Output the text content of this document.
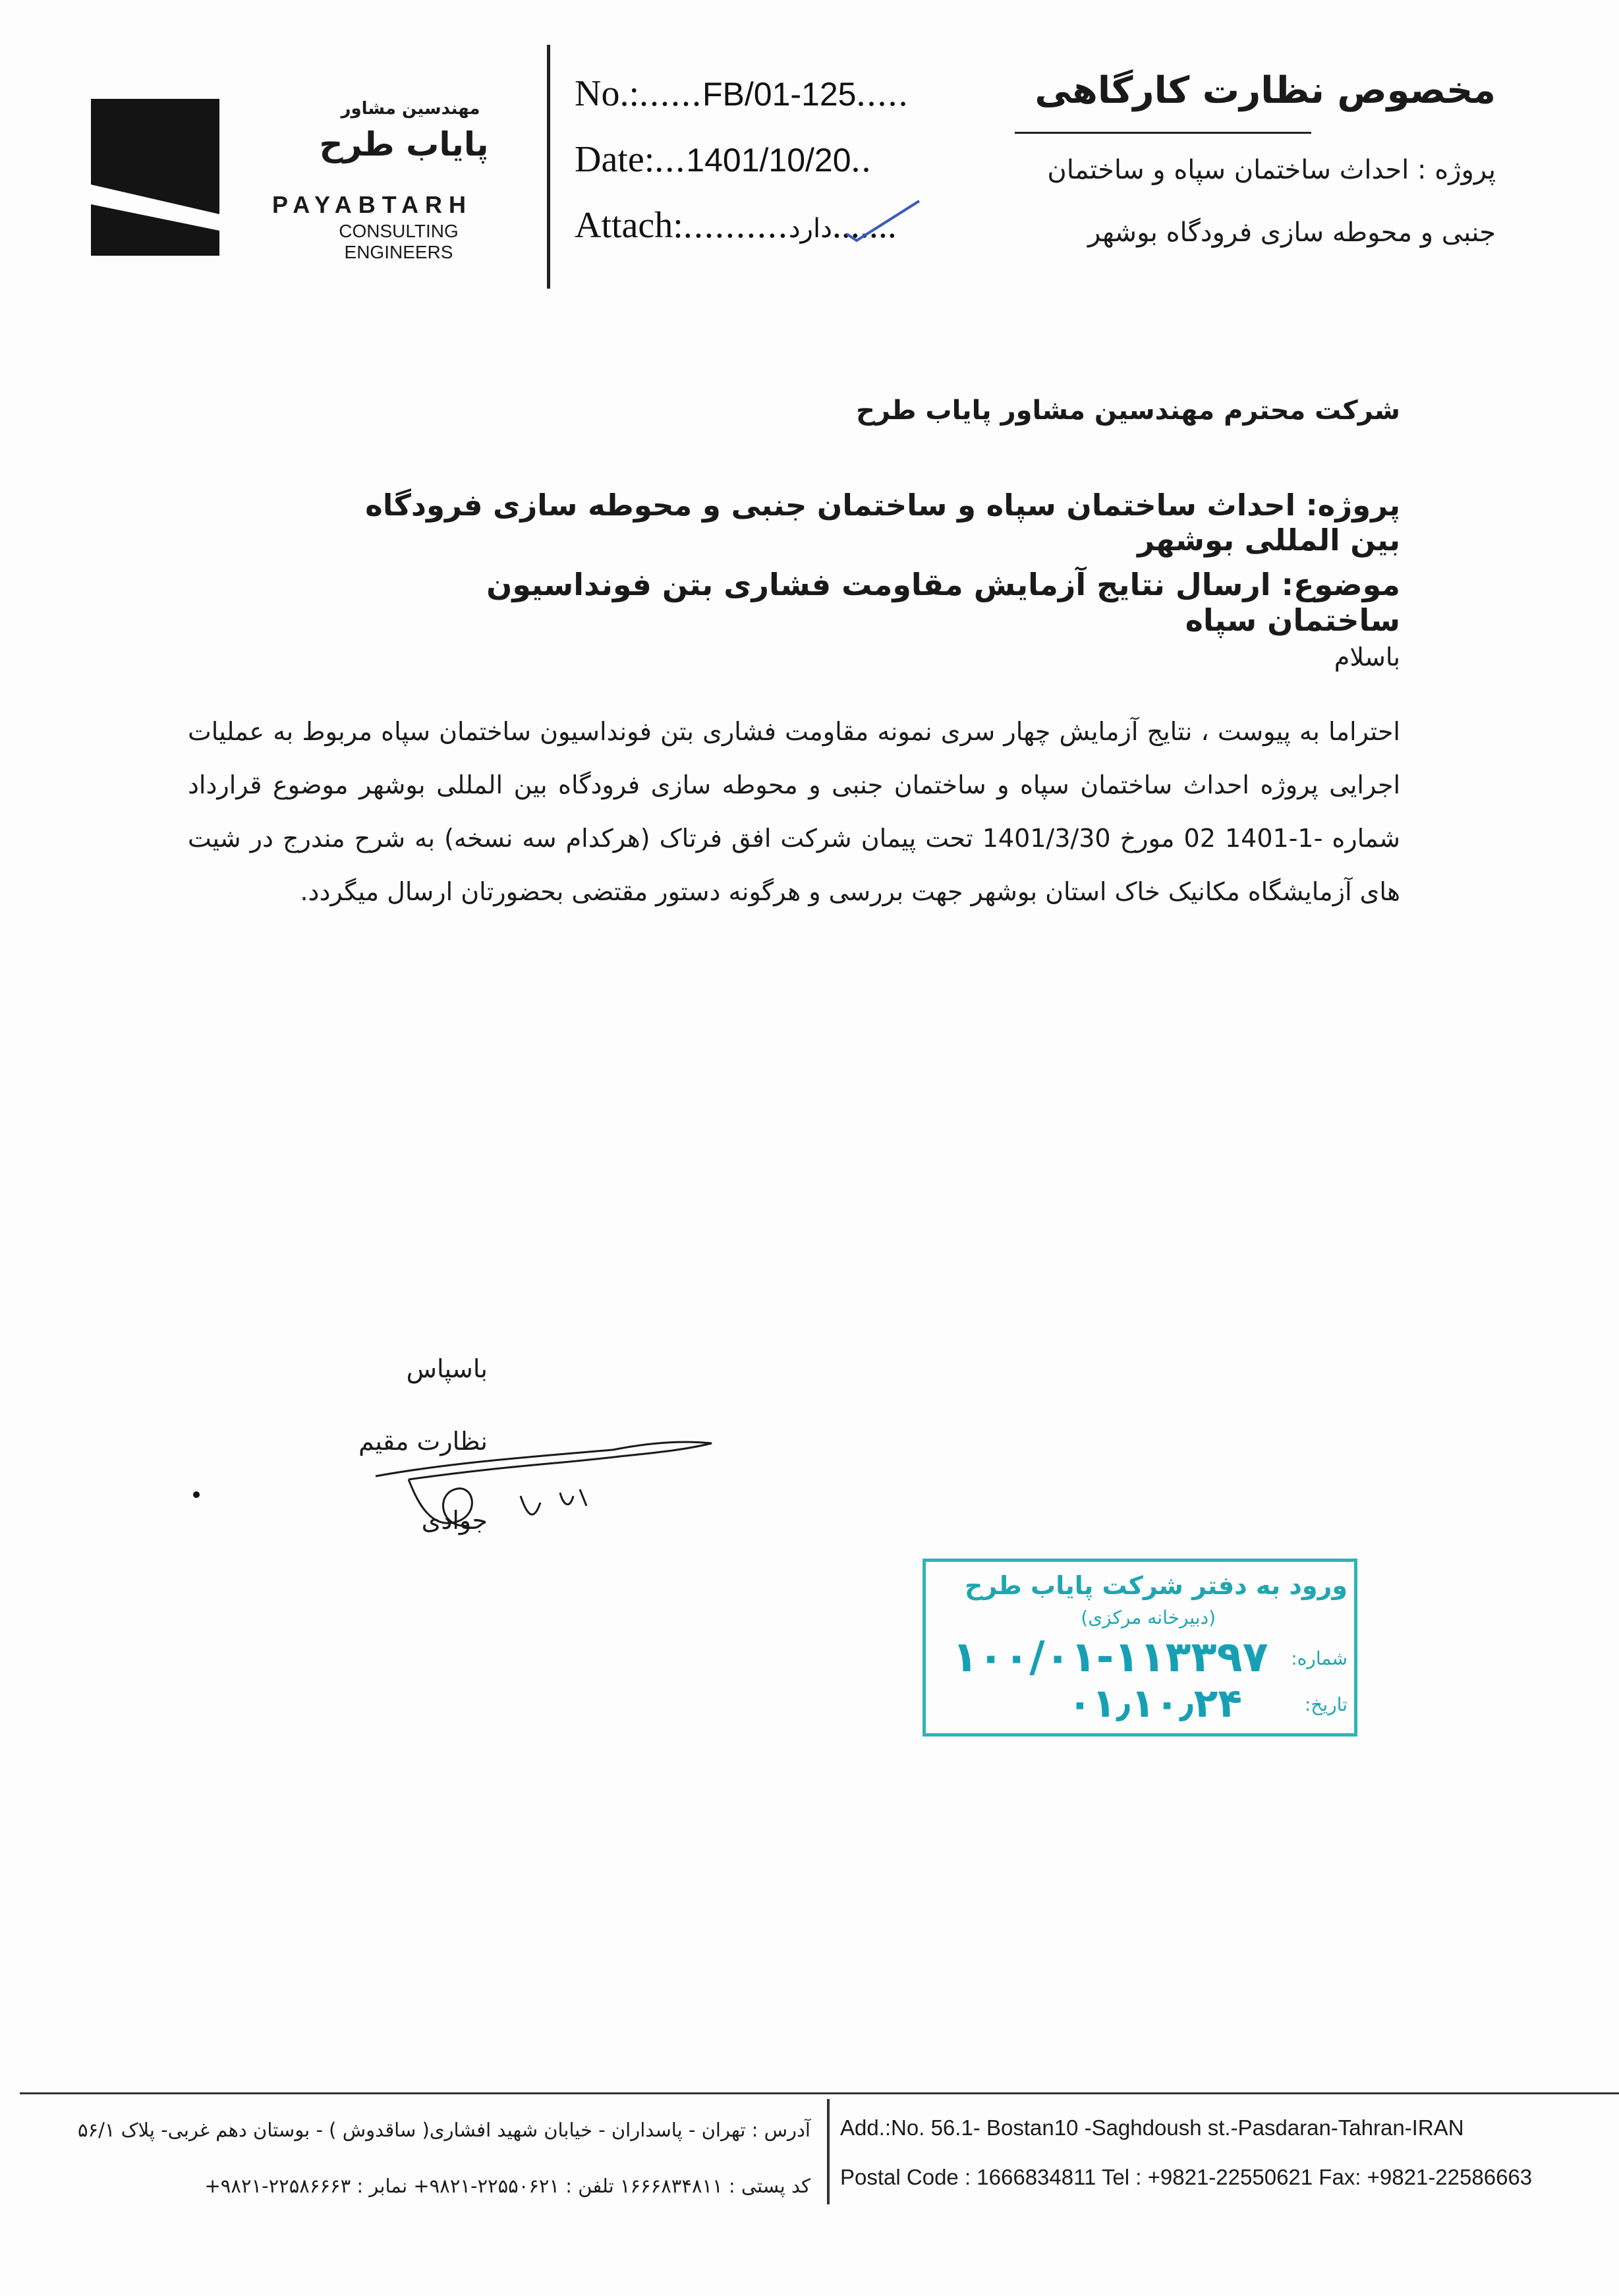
مهندسین مشاور
پایاب طرح
PAYABTARH
CONSULTING ENGINEERS
No.:......FB/01-125.....
Date:...1401/10/20..
Attach:..........دارد.......
مخصوص نظارت کارگاهی
پروژه : احداث ساختمان سپاه و ساختمان
جنبی و محوطه سازی فرودگاه بوشهر
شرکت محترم مهندسین مشاور پایاب طرح
پروژه: احداث ساختمان سپاه و ساختمان جنبی و محوطه سازی فرودگاه بین المللی بوشهر
موضوع: ارسال نتایج آزمایش مقاومت فشاری بتن فونداسیون ساختمان سپاه
باسلام
احتراما به پیوست ، نتایج آزمایش چهار سری نمونه مقاومت فشاری بتن فونداسیون ساختمان سپاه مربوط به عملیات اجرایی پروژه احداث ساختمان سپاه و ساختمان جنبی و محوطه سازی فرودگاه بین المللی بوشهر موضوع قرارداد شماره -1-1401 02 مورخ 1401/3/30 تحت پیمان شرکت افق فرتاک (هرکدام سه نسخه) به شرح مندرج در شیت های آزمایشگاه مکانیک خاک استان بوشهر جهت بررسی و هرگونه دستور مقتضی بحضورتان ارسال میگردد.
باسپاس
نظارت مقیم
جوادی
ورود به دفتر شرکت پایاب طرح
(دبیرخانه مرکزی)
شماره:
۱۰۰/۰۱-۱۱۳۳۹۷
تاریخ:
۰۱٫۱۰٫۲۴
آدرس : تهران - پاسداران - خیابان شهید افشاری( ساقدوش ) - بوستان دهم غربی- پلاک ۵۶/۱
کد پستی : ۱۶۶۶۸۳۴۸۱۱ تلفن : ۲۲۵۵۰۶۲۱-۹۸۲۱+ نمابر : ۲۲۵۸۶۶۶۳-۹۸۲۱+
Add.:No. 56.1- Bostan10 -Saghdoush st.-Pasdaran-Tahran-IRAN
Postal Code : 1666834811 Tel : +9821-22550621 Fax: +9821-22586663
